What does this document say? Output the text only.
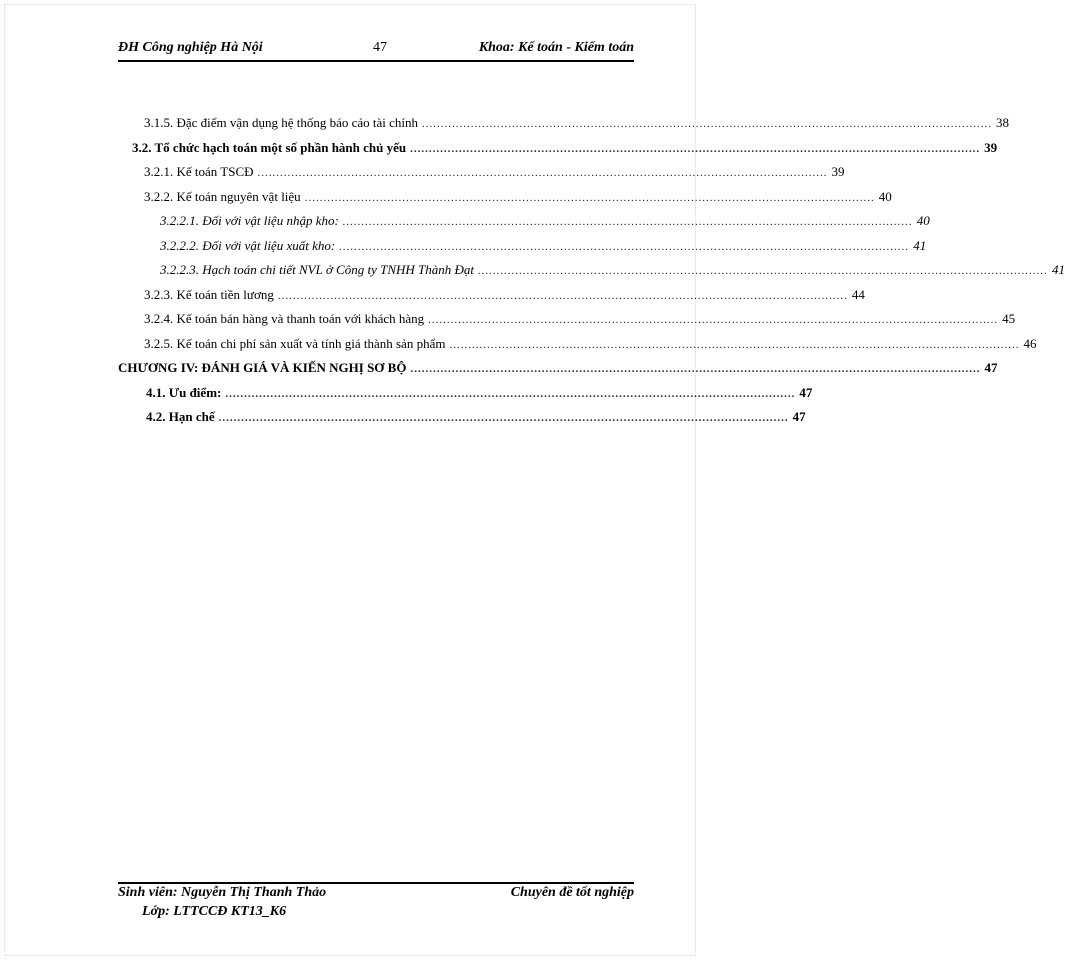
ĐH Công nghiệp Hà Nội	47	Khoa: Kế toán - Kiểm toán
3.1.5. Đặc điểm vận dụng hệ thống báo cáo tài chính ........................................................................................................................................................ 38
3.2. Tổ chức hạch toán một số phần hành chủ yếu ........................................................................................................................................................ 39
3.2.1. Kế toán TSCĐ ........................................................................................................................................................ 39
3.2.2. Kế toán nguyên vật liệu ........................................................................................................................................................ 40
3.2.2.1. Đối với vật liệu nhập kho: ........................................................................................................................................................ 40
3.2.2.2. Đối với vật liệu xuất kho: ........................................................................................................................................................ 41
3.2.2.3. Hạch toán chi tiết NVL ở Công ty TNHH Thành Đạt ........................................................................................................................................................ 41
3.2.3. Kế toán tiền lương ........................................................................................................................................................ 44
3.2.4. Kế toán bán hàng và thanh toán với khách hàng ........................................................................................................................................................ 45
3.2.5. Kế toán chi phí sản xuất và tính giá thành sản phẩm ........................................................................................................................................................ 46
CHƯƠNG IV: ĐÁNH GIÁ VÀ KIẾN NGHỊ SƠ BỘ ........................................................................................................................................................ 47
4.1. Ưu điểm: ........................................................................................................................................................ 47
4.2. Hạn chế ........................................................................................................................................................ 47
Sinh viên: Nguyễn Thị Thanh Thảo	Chuyên đề tốt nghiệp
Lớp: LTTCCĐ KT13_K6
